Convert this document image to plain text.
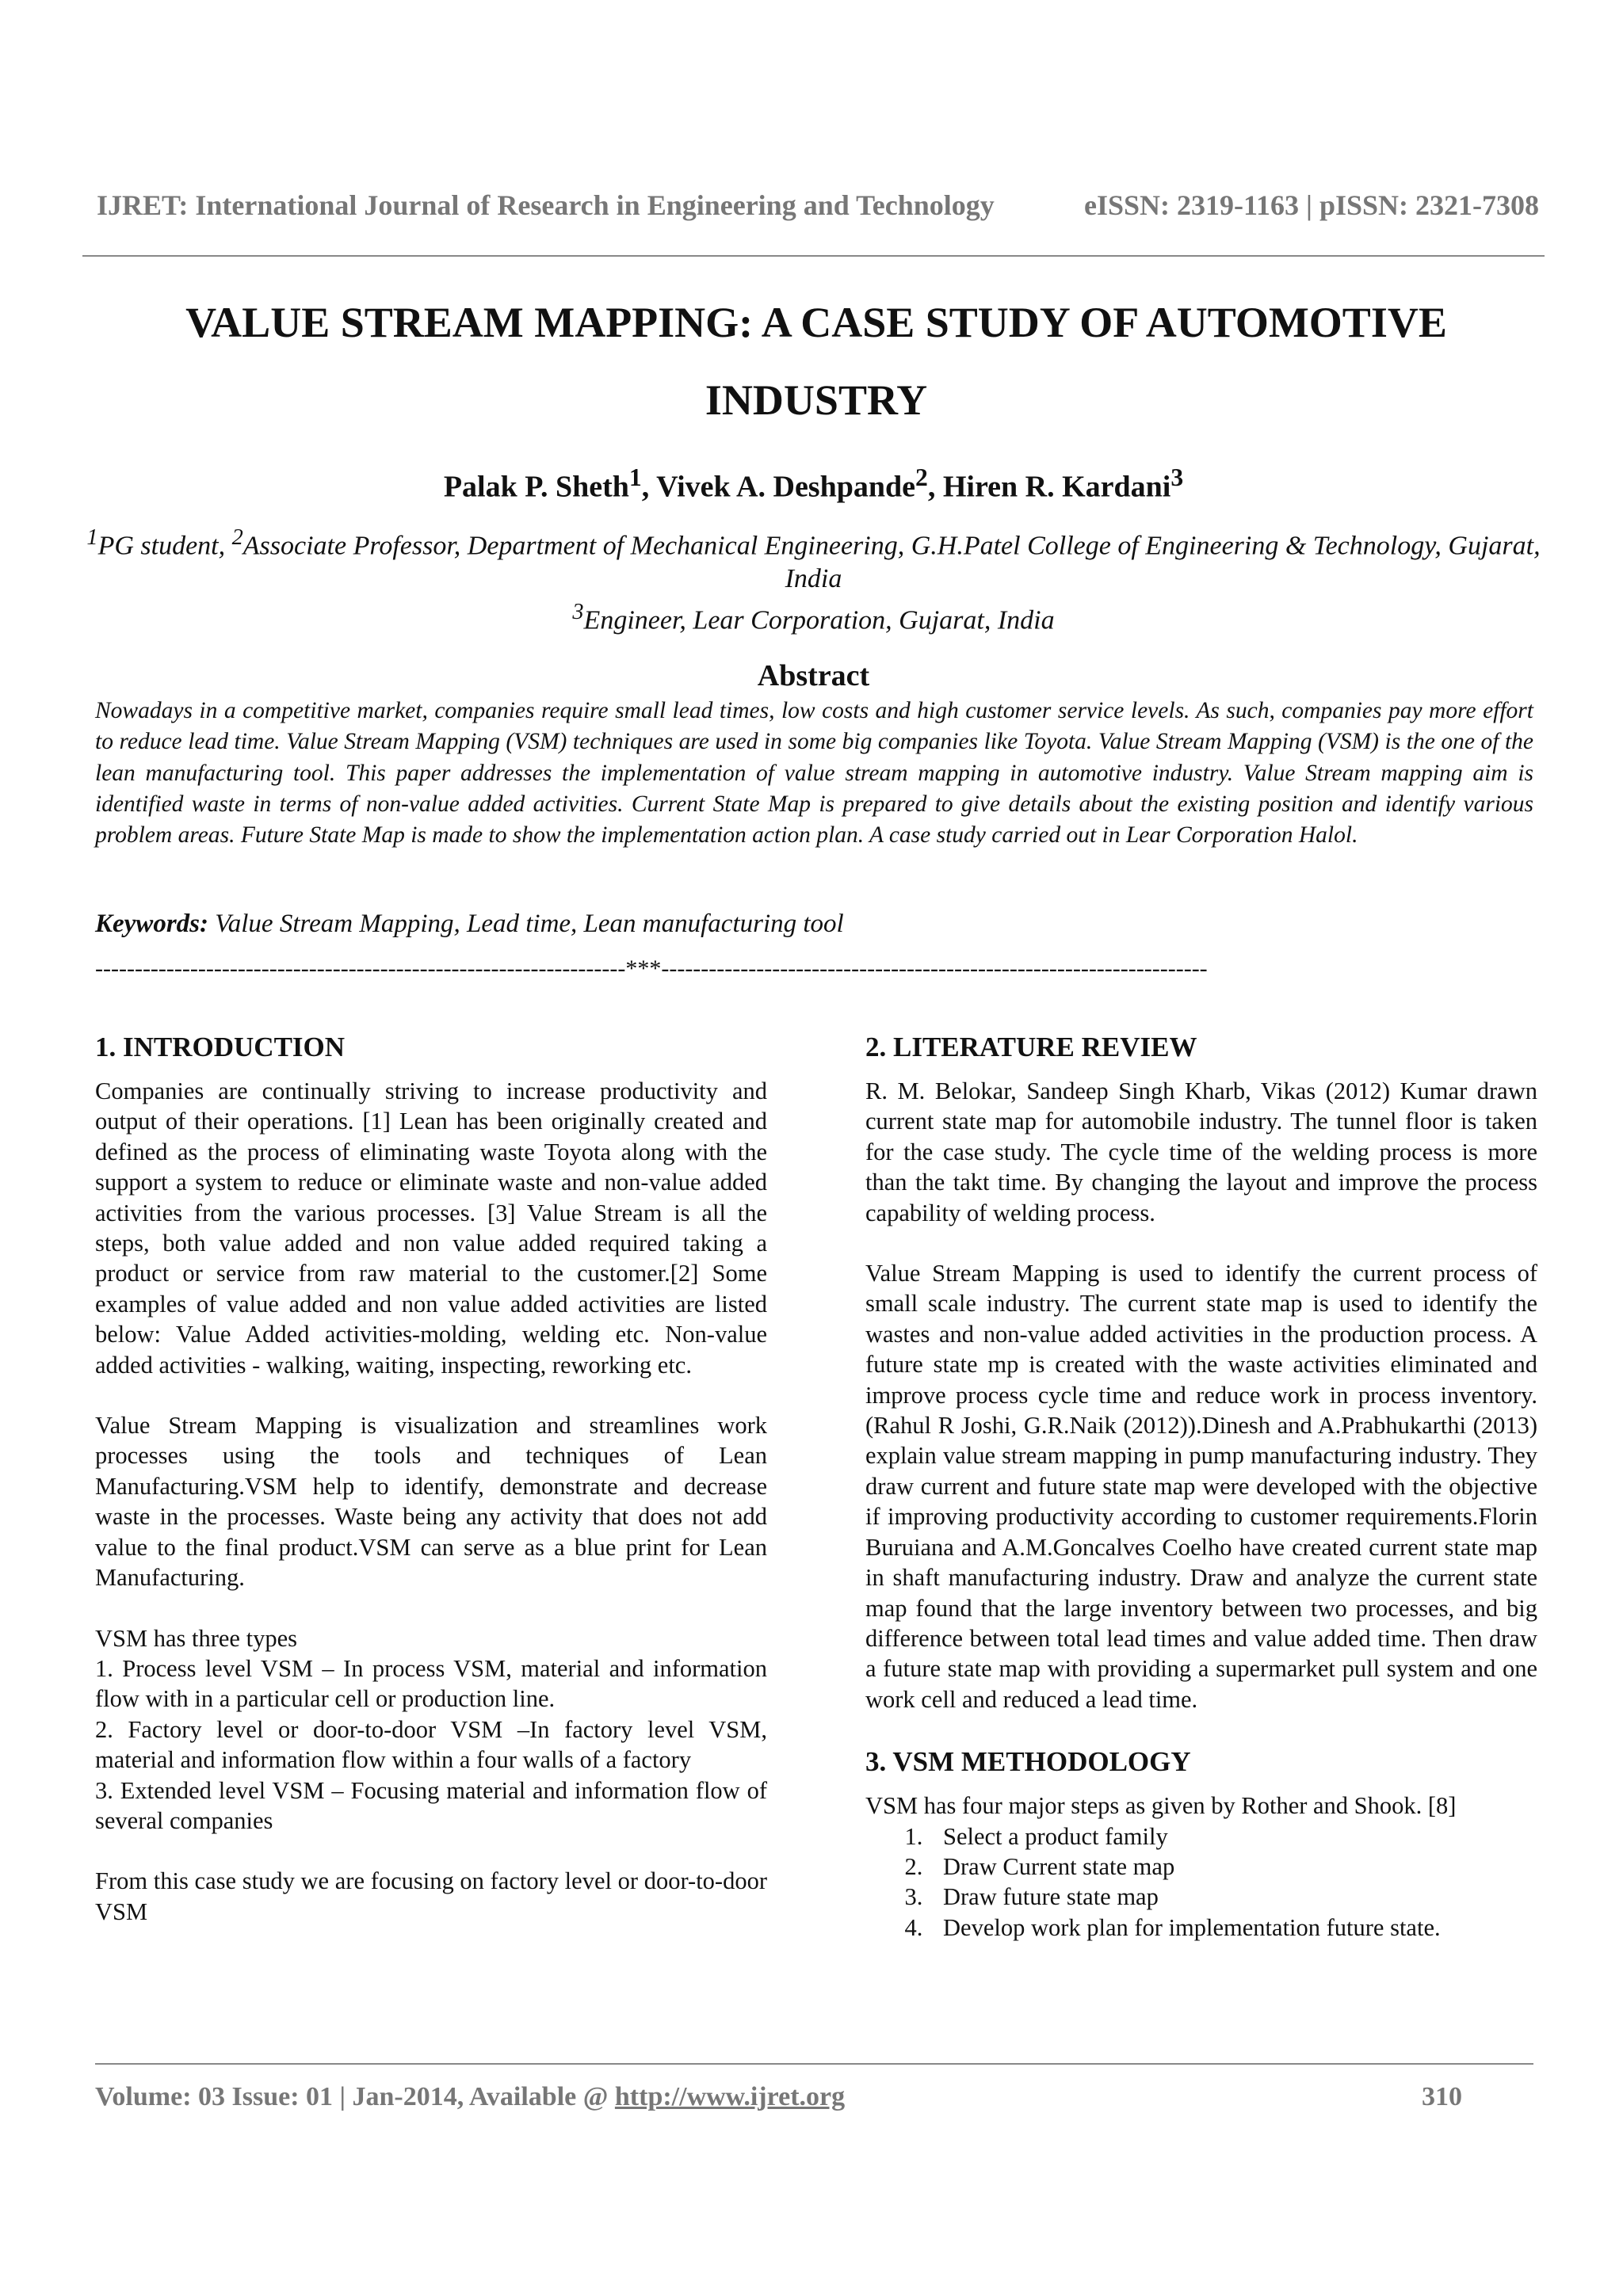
IJRET: International Journal of Research in Engineering and Technology	eISSN: 2319-1163 | pISSN: 2321-7308
VALUE STREAM MAPPING: A CASE STUDY OF AUTOMOTIVE INDUSTRY
Palak P. Sheth$^1$, Vivek A. Deshpande$^2$, Hiren R. Kardani$^3$
$^1$PG student, $^2$Associate Professor, Department of Mechanical Engineering, G.H.Patel College of Engineering & Technology, Gujarat, India
$^3$Engineer, Lear Corporation, Gujarat, India
Abstract
Nowadays in a competitive market, companies require small lead times, low costs and high customer service levels. As such, companies pay more effort to reduce lead time. Value Stream Mapping (VSM) techniques are used in some big companies like Toyota. Value Stream Mapping (VSM) is the one of the lean manufacturing tool. This paper addresses the implementation of value stream mapping in automotive industry. Value Stream mapping aim is identified waste in terms of non-value added activities. Current State Map is prepared to give details about the existing position and identify various problem areas. Future State Map is made to show the implementation action plan. A case study carried out in Lear Corporation Halol.
Keywords: Value Stream Mapping, Lead time, Lean manufacturing tool
-------------------------------------------------------------------***---------------------------------------------------------------------
1. INTRODUCTION

Companies are continually striving to increase productivity and output of their operations. [1] Lean has been originally created and defined as the process of eliminating waste Toyota along with the support a system to reduce or eliminate waste and non-value added activities from the various processes. [3] Value Stream is all the steps, both value added and non value added required taking a product or service from raw material to the customer.[2] Some examples of value added and non value added activities are listed below: Value Added activities-molding, welding etc. Non-value added activities - walking, waiting, inspecting, reworking etc.

Value Stream Mapping is visualization and streamlines work processes using the tools and techniques of Lean Manufacturing.VSM help to identify, demonstrate and decrease waste in the processes. Waste being any activity that does not add value to the final product.VSM can serve as a blue print for Lean Manufacturing.

VSM has three types

1. Process level VSM – In process VSM, material and information flow with in a particular cell or production line.
2. Factory level or door-to-door VSM –In factory level VSM, material and information flow within a four walls of a factory
3. Extended level VSM – Focusing material and information flow of several companies

From this case study we are focusing on factory level or door-to-door VSM

2. LITERATURE REVIEW

R. M. Belokar, Sandeep Singh Kharb, Vikas (2012) Kumar drawn current state map for automobile industry. The tunnel floor is taken for the case study. The cycle time of the welding process is more than the takt time. By changing the layout and improve the process capability of welding process.

Value Stream Mapping is used to identify the current process of small scale industry. The current state map is used to identify the wastes and non-value added activities in the production process. A future state mp is created with the waste activities eliminated and improve process cycle time and reduce work in process inventory. (Rahul R Joshi, G.R.Naik (2012)).Dinesh and A.Prabhukarthi (2013) explain value stream mapping in pump manufacturing industry. They draw current and future state map were developed with the objective if improving productivity according to customer requirements.Florin Buruiana and A.M.Goncalves Coelho have created current state map in shaft manufacturing industry. Draw and analyze the current state map found that the large inventory between two processes, and big difference between total lead times and value added time. Then draw a future state map with providing a supermarket pull system and one work cell and reduced a lead time.

3. VSM METHODOLOGY

VSM has four major steps as given by Rother and Shook. [8]

1. Select a product family
2. Draw Current state map
3. Draw future state map
4. Develop work plan for implementation future state.
Volume: 03 Issue: 01 | Jan-2014, Available @ http://www.ijret.org	310
